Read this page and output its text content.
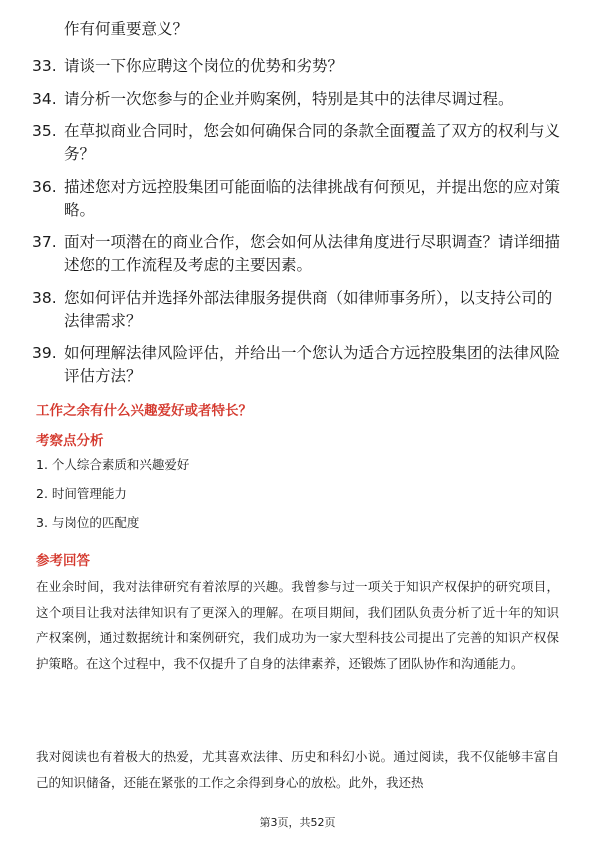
作有何重要意义？
33. 请谈一下你应聘这个岗位的优势和劣势？
34. 请分析一次您参与的企业并购案例，特别是其中的法律尽调过程。
35. 在草拟商业合同时，您会如何确保合同的条款全面覆盖了双方的权利与义务？
36. 描述您对方远控股集团可能面临的法律挑战有何预见，并提出您的应对策略。
37. 面对一项潜在的商业合作，您会如何从法律角度进行尽职调查？请详细描述您的工作流程及考虑的主要因素。
38. 您如何评估并选择外部法律服务提供商（如律师事务所），以支持公司的法律需求？
39. 如何理解法律风险评估，并给出一个您认为适合方远控股集团的法律风险评估方法？
工作之余有什么兴趣爱好或者特长？
考察点分析
1. 个人综合素质和兴趣爱好
2. 时间管理能力
3. 与岗位的匹配度
参考回答

在业余时间，我对法律研究有着浓厚的兴趣。我曾参与过一项关于知识产权保护的研究项目，这个项目让我对法律知识有了更深入的理解。在项目期间，我们团队负责分析了近十年的知识产权案例，通过数据统计和案例研究，我们成功为一家大型科技公司提出了完善的知识产权保护策略。在这个过程中，我不仅提升了自身的法律素养，还锻炼了团队协作和沟通能力。

我对阅读也有着极大的热爱，尤其喜欢法律、历史和科幻小说。通过阅读，我不仅能够丰富自己的知识储备，还能在紧张的工作之余得到身心的放松。此外，我还热

第3页，共52页
